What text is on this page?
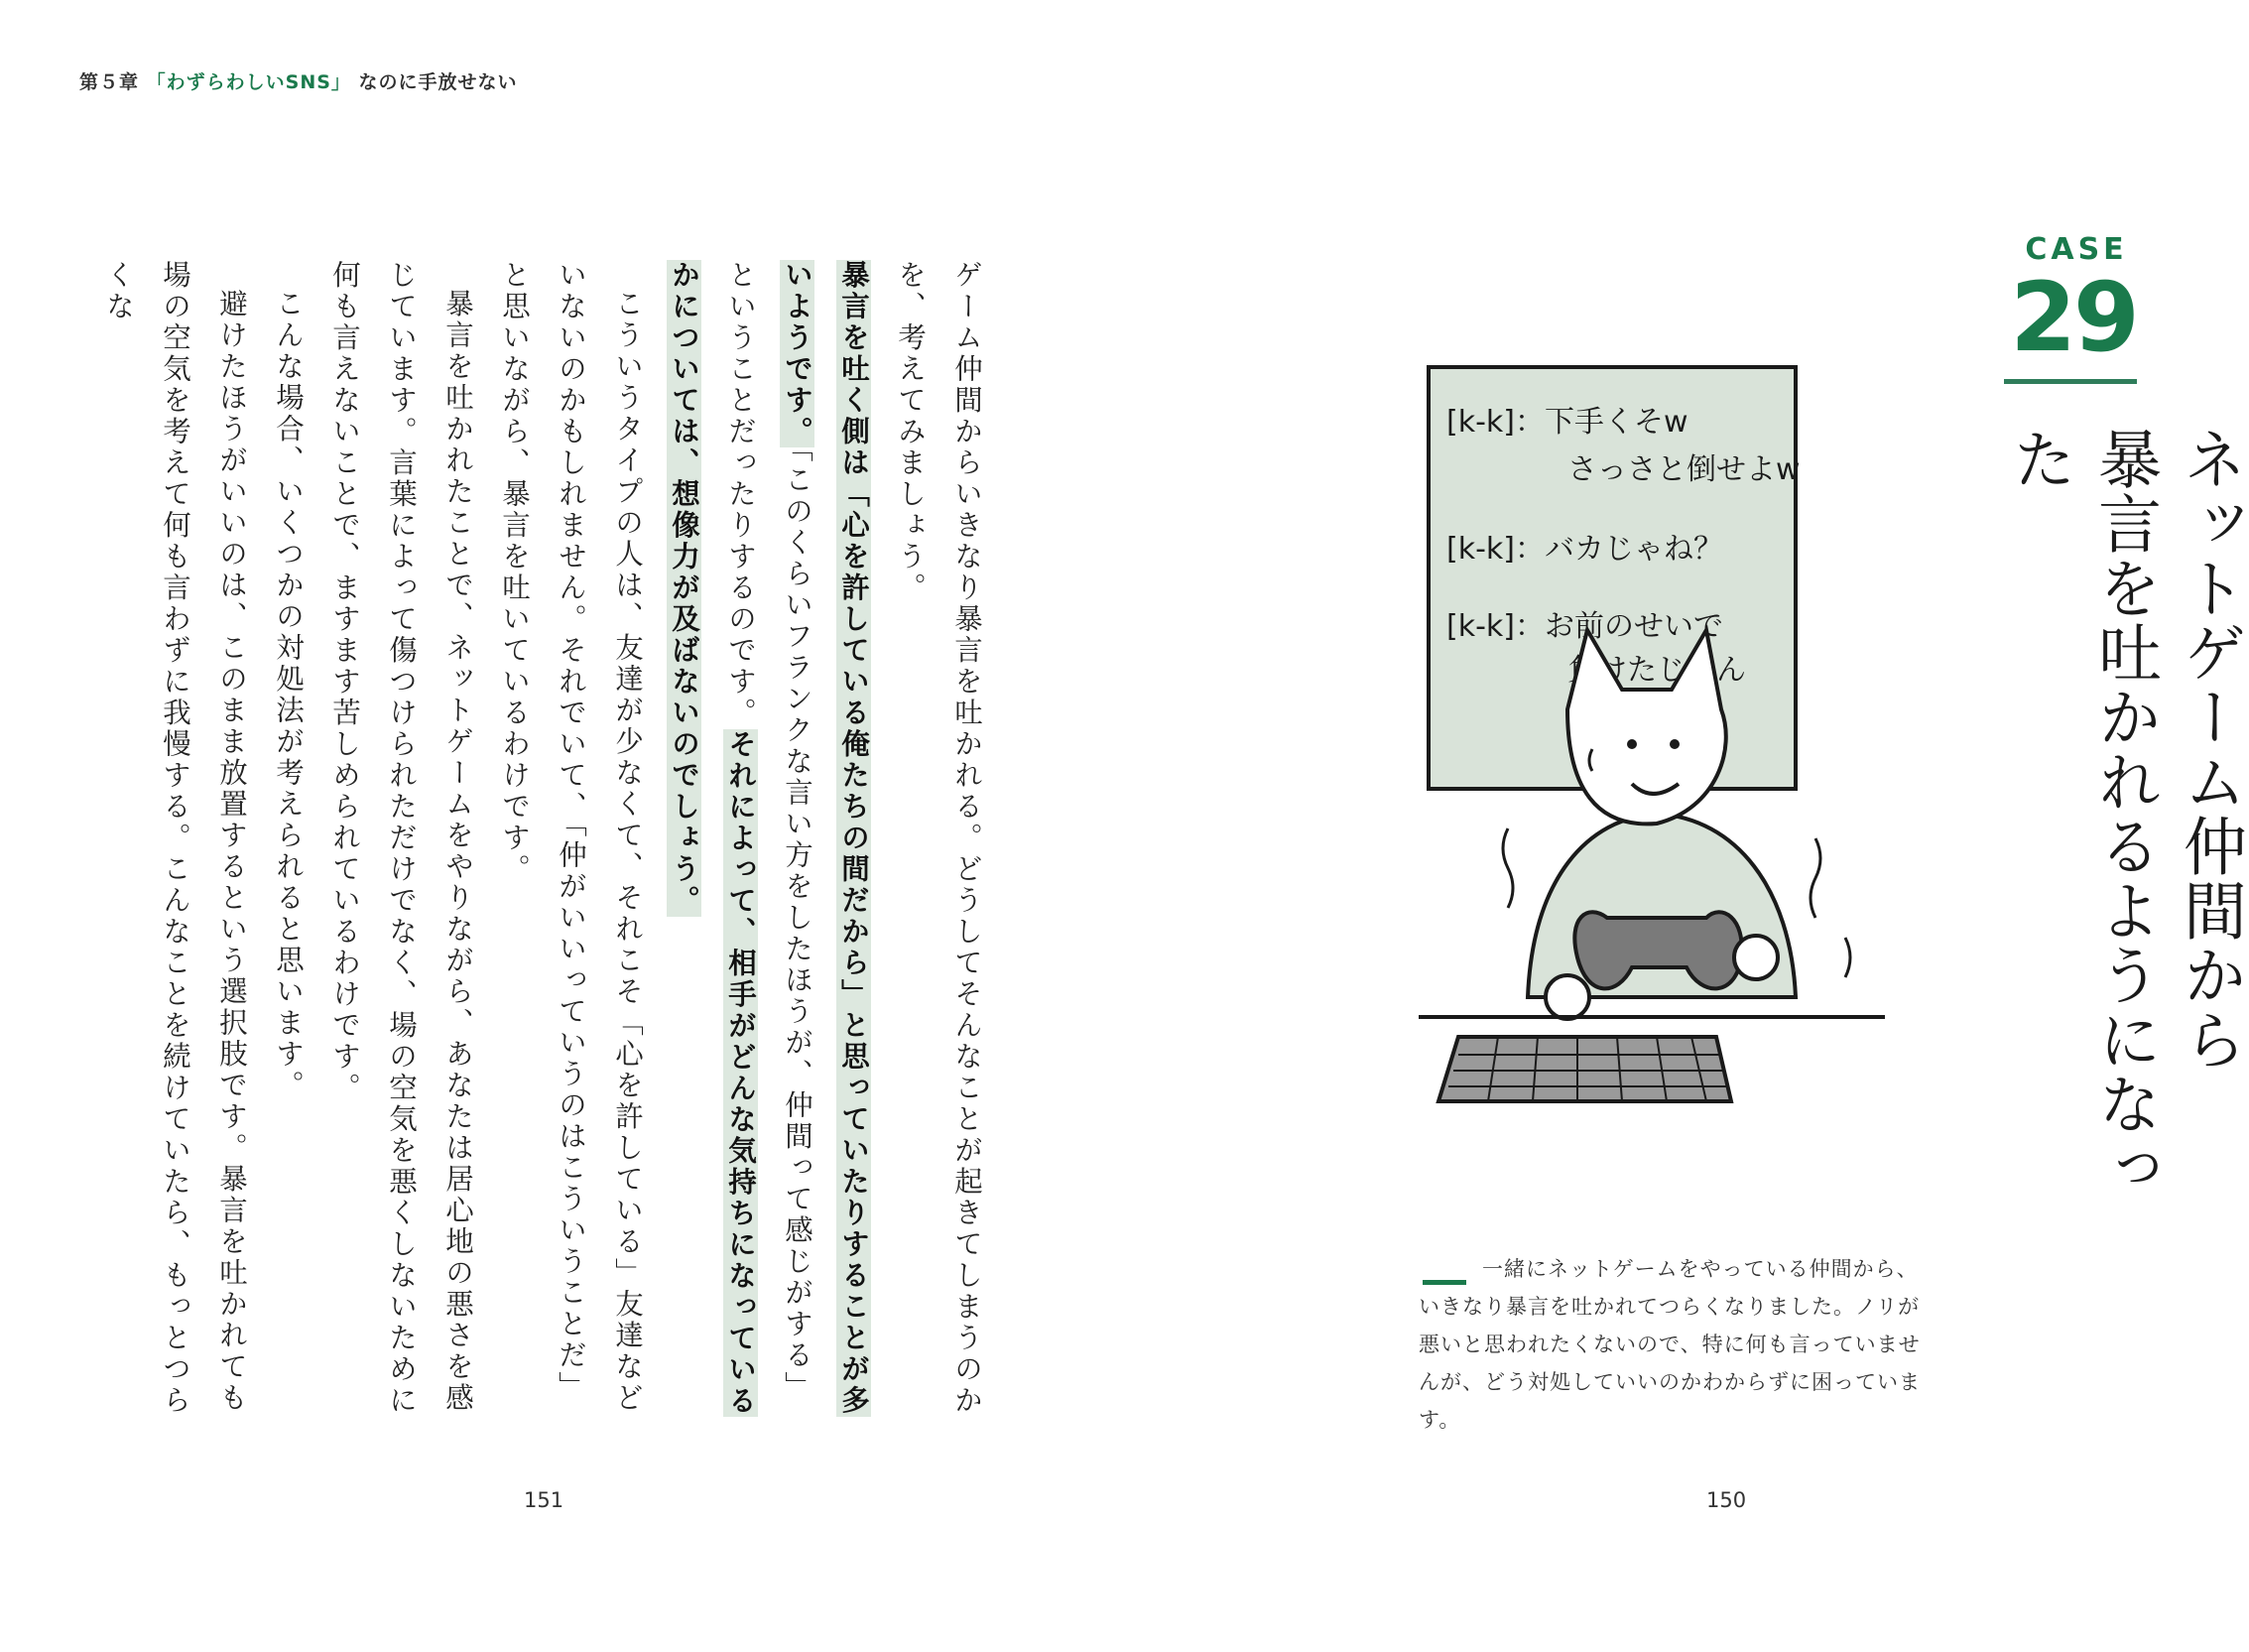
第５章 「わずらわしいSNS」 なのに手放せない

ゲーム仲間からいきなり暴言を吐かれる。どうしてそんなことが起きてしまうのかを、考えてみましょう。

暴言を吐く側は「心を許している俺たちの間だから」と思っていたりすることが多いようです。「このくらいフランクな言い方をしたほうが、仲間って感じがする」ということだったりするのです。それによって、相手がどんな気持ちになっているかについては、想像力が及ばないのでしょう。

こういうタイプの人は、友達が少なくて、それこそ「心を許している」友達などいないのかもしれません。それでいて、「仲がいいっていうのはこういうことだ」と思いながら、暴言を吐いているわけです。

暴言を吐かれたことで、ネットゲームをやりながら、あなたは居心地の悪さを感じています。言葉によって傷つけられただけでなく、場の空気を悪くしないために何も言えないことで、ますます苦しめられているわけです。

こんな場合、いくつかの対処法が考えられると思います。

避けたほうがいいのは、このまま放置するという選択肢です。暴言を吐かれても場の空気を考えて何も言わずに我慢する。こんなことを続けていたら、もっとつらくな

151
CASE
29
ネットゲーム仲間から
暴言を吐かれるようになった
[k-k]：下手くそw
さっさと倒せよw
[k-k]：バカじゃね？
[k-k]：お前のせいで
負けたじゃん
一緒にネットゲームをやっている仲間から、いきなり暴言を吐かれてつらくなりました。ノリが悪いと思われたくないので、特に何も言っていませんが、どう対処していいのかわからずに困っています。
150
